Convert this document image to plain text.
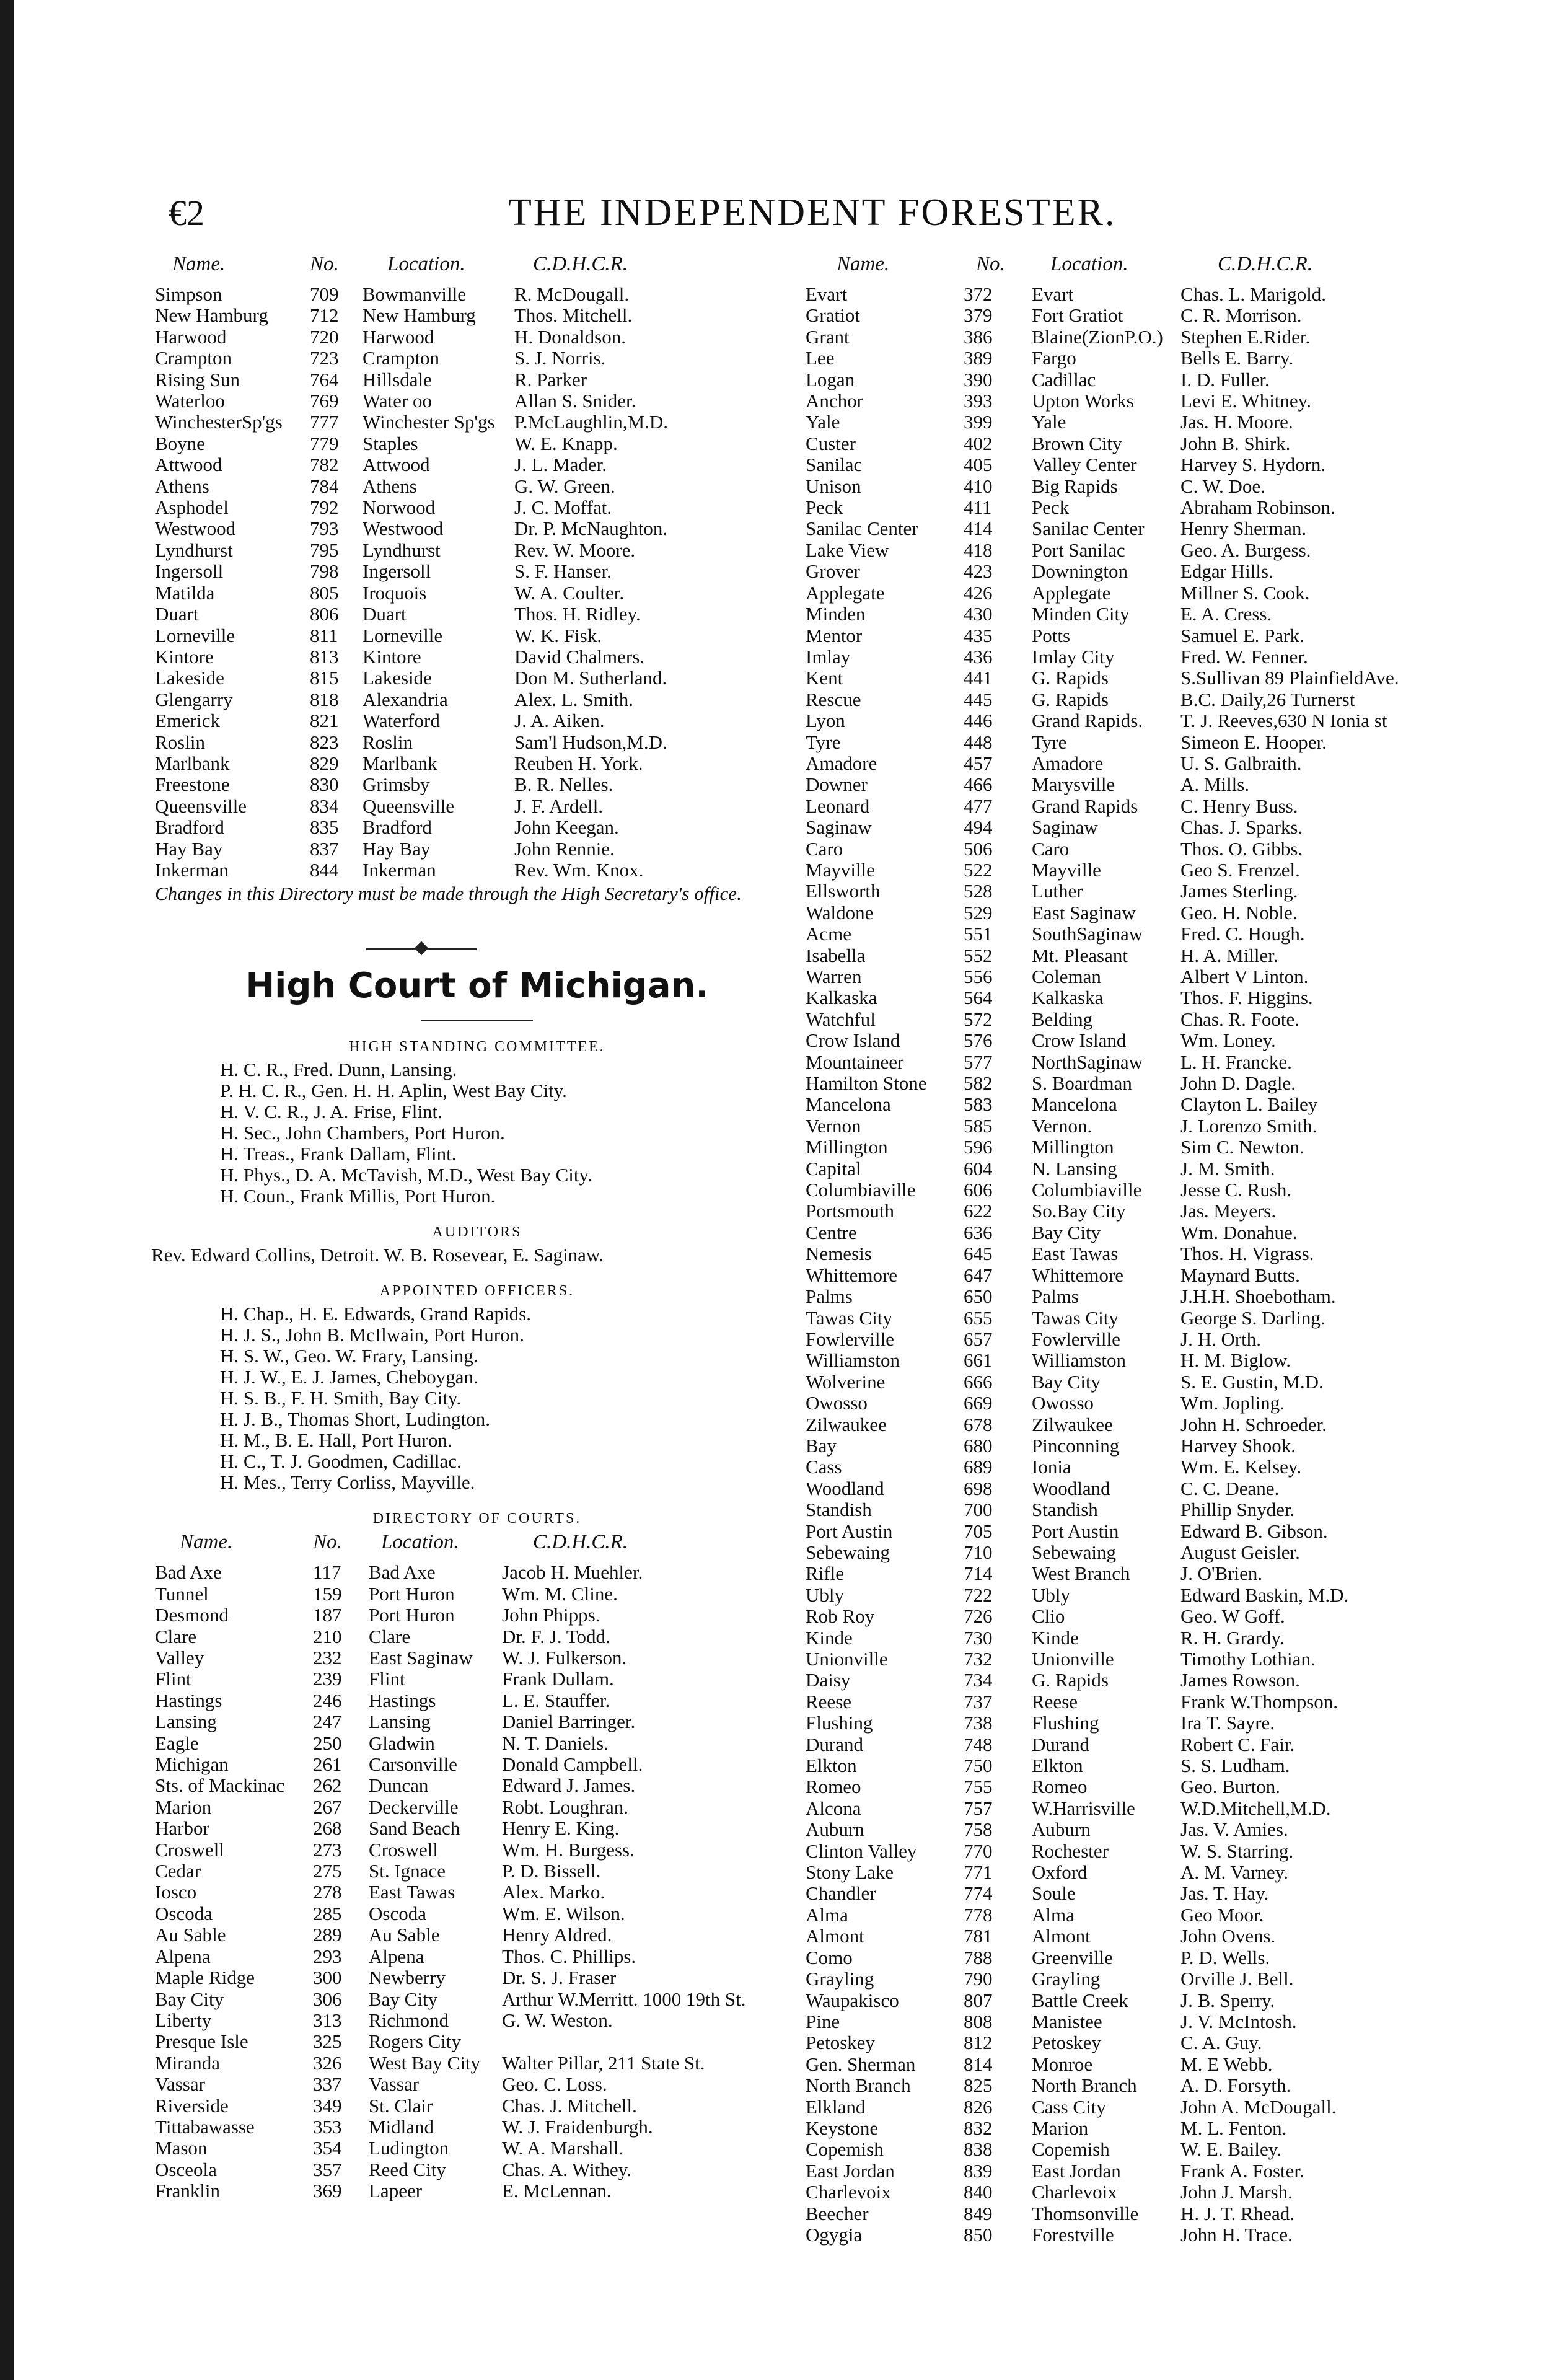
€2	THE INDEPENDENT FORESTER.
Name.	No.	Location.	C.D.H.C.R.
Simpson	709	Bowmanville	R. McDougall.
New Hamburg	712	New Hamburg	Thos. Mitchell.
Harwood	720	Harwood	H. Donaldson.
Crampton	723	Crampton	S. J. Norris.
Rising Sun	764	Hillsdale	R. Parker
Waterloo	769	Water oo	Allan S. Snider.
WinchesterSp'gs	777	Winchester Sp'gs	P.McLaughlin,M.D.
Boyne	779	Staples	W. E. Knapp.
Attwood	782	Attwood	J. L. Mader.
Athens	784	Athens	G. W. Green.
Asphodel	792	Norwood	J. C. Moffat.
Westwood	793	Westwood	Dr. P. McNaughton.
Lyndhurst	795	Lyndhurst	Rev. W. Moore.
Ingersoll	798	Ingersoll	S. F. Hanser.
Matilda	805	Iroquois	W. A. Coulter.
Duart	806	Duart	Thos. H. Ridley.
Lorneville	811	Lorneville	W. K. Fisk.
Kintore	813	Kintore	David Chalmers.
Lakeside	815	Lakeside	Don M. Sutherland.
Glengarry	818	Alexandria	Alex. L. Smith.
Emerick	821	Waterford	J. A. Aiken.
Roslin	823	Roslin	Sam'l Hudson,M.D.
Marlbank	829	Marlbank	Reuben H. York.
Freestone	830	Grimsby	B. R. Nelles.
Queensville	834	Queensville	J. F. Ardell.
Bradford	835	Bradford	John Keegan.
Hay Bay	837	Hay Bay	John Rennie.
Inkerman	844	Inkerman	Rev. Wm. Knox.
Changes in this Directory must be made through the High Secretary's office.
High Court of Michigan.
HIGH STANDING COMMITTEE.
H. C. R., Fred. Dunn, Lansing.
P. H. C. R., Gen. H. H. Aplin, West Bay City.
H. V. C. R., J. A. Frise, Flint.
H. Sec., John Chambers, Port Huron.
H. Treas., Frank Dallam, Flint.
H. Phys., D. A. McTavish, M.D., West Bay City.
H. Coun., Frank Millis, Port Huron.
AUDITORS
Rev. Edward Collins, Detroit. W. B. Rosevear, E. Saginaw.
APPOINTED OFFICERS.
H. Chap., H. E. Edwards, Grand Rapids.
H. J. S., John B. McIlwain, Port Huron.
H. S. W., Geo. W. Frary, Lansing.
H. J. W., E. J. James, Cheboygan.
H. S. B., F. H. Smith, Bay City.
H. J. B., Thomas Short, Ludington.
H. M., B. E. Hall, Port Huron.
H. C., T. J. Goodmen, Cadillac.
H. Mes., Terry Corliss, Mayville.
DIRECTORY OF COURTS.
Name.	No.	Location.	C.D.H.C.R.
Bad Axe	117	Bad Axe	Jacob H. Muehler.
Tunnel	159	Port Huron	Wm. M. Cline.
Desmond	187	Port Huron	John Phipps.
Clare	210	Clare	Dr. F. J. Todd.
Valley	232	East Saginaw	W. J. Fulkerson.
Flint	239	Flint	Frank Dullam.
Hastings	246	Hastings	L. E. Stauffer.
Lansing	247	Lansing	Daniel Barringer.
Eagle	250	Gladwin	N. T. Daniels.
Michigan	261	Carsonville	Donald Campbell.
Sts. of Mackinac	262	Duncan	Edward J. James.
Marion	267	Deckerville	Robt. Loughran.
Harbor	268	Sand Beach	Henry E. King.
Croswell	273	Croswell	Wm. H. Burgess.
Cedar	275	St. Ignace	P. D. Bissell.
Iosco	278	East Tawas	Alex. Marko.
Oscoda	285	Oscoda	Wm. E. Wilson.
Au Sable	289	Au Sable	Henry Aldred.
Alpena	293	Alpena	Thos. C. Phillips.
Maple Ridge	300	Newberry	Dr. S. J. Fraser
Bay City	306	Bay City	Arthur W.Merritt. 1000 19th St.
Liberty	313	Richmond	G. W. Weston.
Presque Isle	325	Rogers City	
Miranda	326	West Bay City	Walter Pillar, 211 State St.
Vassar	337	Vassar	Geo. C. Loss.
Riverside	349	St. Clair	Chas. J. Mitchell.
Tittabawasse	353	Midland	W. J. Fraidenburgh.
Mason	354	Ludington	W. A. Marshall.
Osceola	357	Reed City	Chas. A. Withey.
Franklin	369	Lapeer	E. McLennan.
Name.	No.	Location.	C.D.H.C.R.
Evart	372	Evart	Chas. L. Marigold.
Gratiot	379	Fort Gratiot	C. R. Morrison.
Grant	386	Blaine(ZionP.O.)	Stephen E.Rider.
Lee	389	Fargo	Bells E. Barry.
Logan	390	Cadillac	I. D. Fuller.
Anchor	393	Upton Works	Levi E. Whitney.
Yale	399	Yale	Jas. H. Moore.
Custer	402	Brown City	John B. Shirk.
Sanilac	405	Valley Center	Harvey S. Hydorn.
Unison	410	Big Rapids	C. W. Doe.
Peck	411	Peck	Abraham Robinson.
Sanilac Center	414	Sanilac Center	Henry Sherman.
Lake View	418	Port Sanilac	Geo. A. Burgess.
Grover	423	Downington	Edgar Hills.
Applegate	426	Applegate	Millner S. Cook.
Minden	430	Minden City	E. A. Cress.
Mentor	435	Potts	Samuel E. Park.
Imlay	436	Imlay City	Fred. W. Fenner.
Kent	441	G. Rapids	S.Sullivan 89 PlainfieldAve.
Rescue	445	G. Rapids	B.C. Daily,26 Turnerst
Lyon	446	Grand Rapids.	T. J. Reeves,630 N Ionia st
Tyre	448	Tyre	Simeon E. Hooper.
Amadore	457	Amadore	U. S. Galbraith.
Downer	466	Marysville	A. Mills.
Leonard	477	Grand Rapids	C. Henry Buss.
Saginaw	494	Saginaw	Chas. J. Sparks.
Caro	506	Caro	Thos. O. Gibbs.
Mayville	522	Mayville	Geo S. Frenzel.
Ellsworth	528	Luther	James Sterling.
Waldone	529	East Saginaw	Geo. H. Noble.
Acme	551	SouthSaginaw	Fred. C. Hough.
Isabella	552	Mt. Pleasant	H. A. Miller.
Warren	556	Coleman	Albert V Linton.
Kalkaska	564	Kalkaska	Thos. F. Higgins.
Watchful	572	Belding	Chas. R. Foote.
Crow Island	576	Crow Island	Wm. Loney.
Mountaineer	577	NorthSaginaw	L. H. Francke.
Hamilton Stone	582	S. Boardman	John D. Dagle.
Mancelona	583	Mancelona	Clayton L. Bailey
Vernon	585	Vernon.	J. Lorenzo Smith.
Millington	596	Millington	Sim C. Newton.
Capital	604	N. Lansing	J. M. Smith.
Columbiaville	606	Columbiaville	Jesse C. Rush.
Portsmouth	622	So.Bay City	Jas. Meyers.
Centre	636	Bay City	Wm. Donahue.
Nemesis	645	East Tawas	Thos. H. Vigrass.
Whittemore	647	Whittemore	Maynard Butts.
Palms	650	Palms	J.H.H. Shoebotham.
Tawas City	655	Tawas City	George S. Darling.
Fowlerville	657	Fowlerville	J. H. Orth.
Williamston	661	Williamston	H. M. Biglow.
Wolverine	666	Bay City	S. E. Gustin, M.D.
Owosso	669	Owosso	Wm. Jopling.
Zilwaukee	678	Zilwaukee	John H. Schroeder.
Bay	680	Pinconning	Harvey Shook.
Cass	689	Ionia	Wm. E. Kelsey.
Woodland	698	Woodland	C. C. Deane.
Standish	700	Standish	Phillip Snyder.
Port Austin	705	Port Austin	Edward B. Gibson.
Sebewaing	710	Sebewaing	August Geisler.
Rifle	714	West Branch	J. O'Brien.
Ubly	722	Ubly	Edward Baskin, M.D.
Rob Roy	726	Clio	Geo. W Goff.
Kinde	730	Kinde	R. H. Grardy.
Unionville	732	Unionville	Timothy Lothian.
Daisy	734	G. Rapids	James Rowson.
Reese	737	Reese	Frank W.Thompson.
Flushing	738	Flushing	Ira T. Sayre.
Durand	748	Durand	Robert C. Fair.
Elkton	750	Elkton	S. S. Ludham.
Romeo	755	Romeo	Geo. Burton.
Alcona	757	W.Harrisville	W.D.Mitchell,M.D.
Auburn	758	Auburn	Jas. V. Amies.
Clinton Valley	770	Rochester	W. S. Starring.
Stony Lake	771	Oxford	A. M. Varney.
Chandler	774	Soule	Jas. T. Hay.
Alma	778	Alma	Geo Moor.
Almont	781	Almont	John Ovens.
Como	788	Greenville	P. D. Wells.
Grayling	790	Grayling	Orville J. Bell.
Waupakisco	807	Battle Creek	J. B. Sperry.
Pine	808	Manistee	J. V. McIntosh.
Petoskey	812	Petoskey	C. A. Guy.
Gen. Sherman	814	Monroe	M. E Webb.
North Branch	825	North Branch	A. D. Forsyth.
Elkland	826	Cass City	John A. McDougall.
Keystone	832	Marion	M. L. Fenton.
Copemish	838	Copemish	W. E. Bailey.
East Jordan	839	East Jordan	Frank A. Foster.
Charlevoix	840	Charlevoix	John J. Marsh.
Beecher	849	Thomsonville	H. J. T. Rhead.
Ogygia	850	Forestville	John H. Trace.
